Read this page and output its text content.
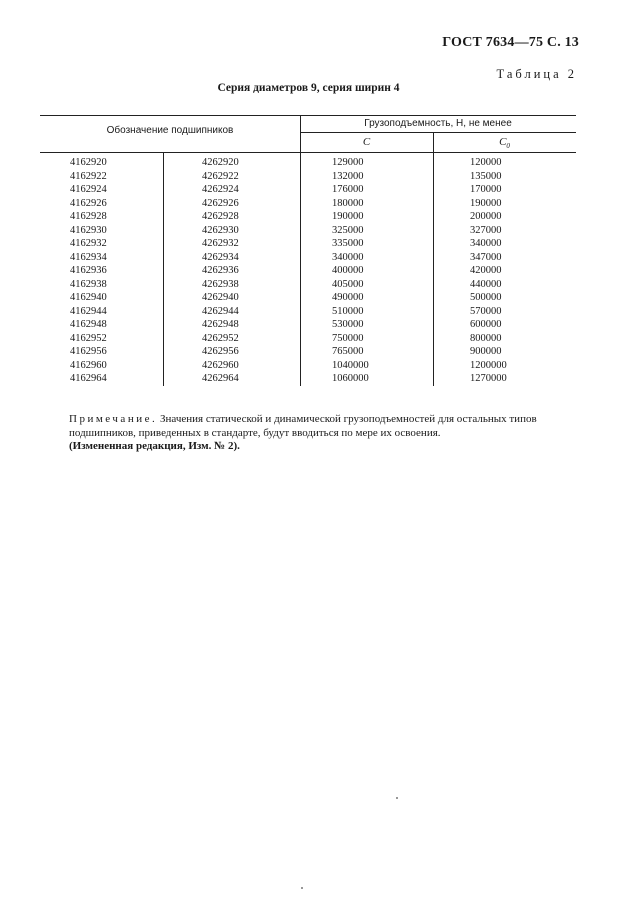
ГОСТ 7634—75 С. 13
Таблица 2
Серия диаметров 9, серия ширин 4
Обозначение подшипников
Грузоподъемность, Н, не менее
C	$C_0$
4162920	4262920	129000	120000
4162922	4262922	132000	135000
4162924	4262924	176000	170000
4162926	4262926	180000	190000
4162928	4262928	190000	200000
4162930	4262930	325000	327000
4162932	4262932	335000	340000
4162934	4262934	340000	347000
4162936	4262936	400000	420000
4162938	4262938	405000	440000
4162940	4262940	490000	500000
4162944	4262944	510000	570000
4162948	4262948	530000	600000
4162952	4262952	750000	800000
4162956	4262956	765000	900000
4162960	4262960	1040000	1200000
4162964	4262964	1060000	1270000
Примечание. Значения статической и динамической грузоподъемностей для остальных типов
подшипников, приведенных в стандарте, будут вводиться по мере их освоения.
(Измененная редакция, Изм. № 2).
